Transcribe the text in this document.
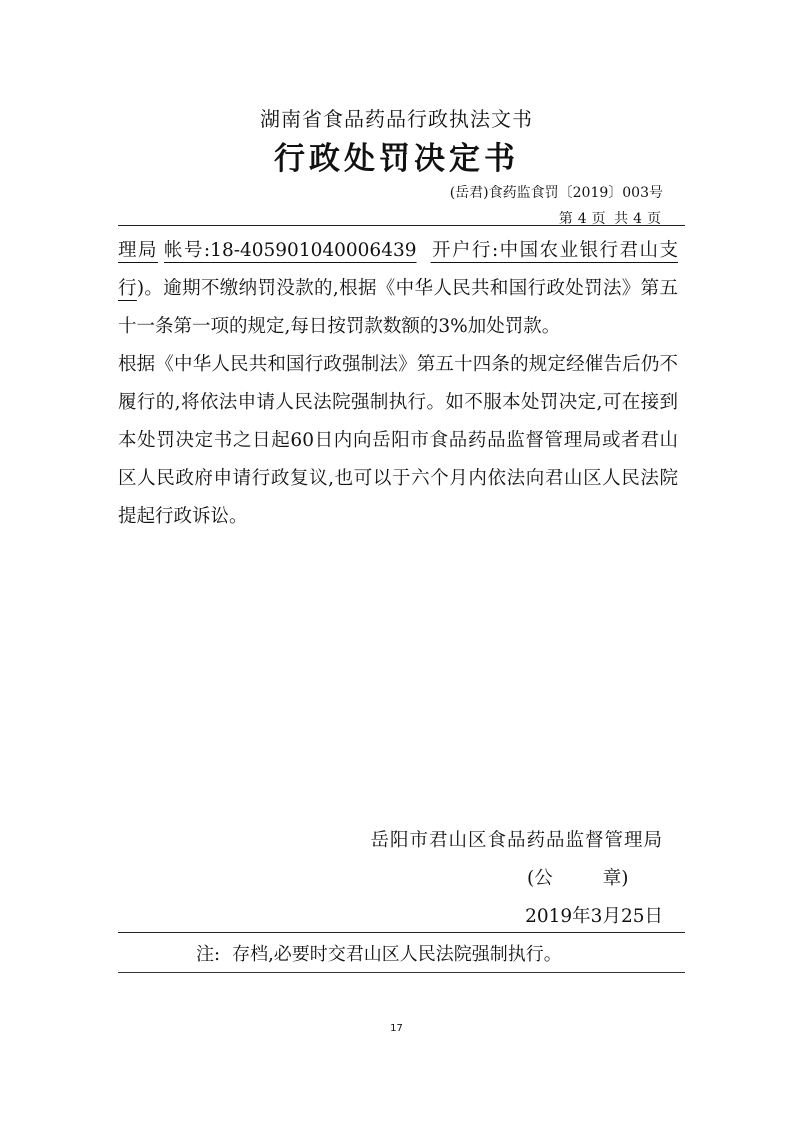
湖南省食品药品行政执法文书
行政处罚决定书
(岳君)食药监食罚〔2019〕003号
第 4 页 共 4 页

理局 帐号:18-405901040006439 开户行:中国农业银行君山支行)。逾期不缴纳罚没款的,根据《中华人民共和国行政处罚法》第五十一条第一项的规定,每日按罚款数额的3%加处罚款。

根据《中华人民共和国行政强制法》第五十四条的规定经催告后仍不履行的,将依法申请人民法院强制执行。如不服本处罚决定,可在接到本处罚决定书之日起60日内向岳阳市食品药品监督管理局或者君山区人民政府申请行政复议,也可以于六个月内依法向君山区人民法院提起行政诉讼。

岳阳市君山区食品药品监督管理局
(公	章)
2019年3月25日
注: 存档,必要时交君山区人民法院强制执行。
17
